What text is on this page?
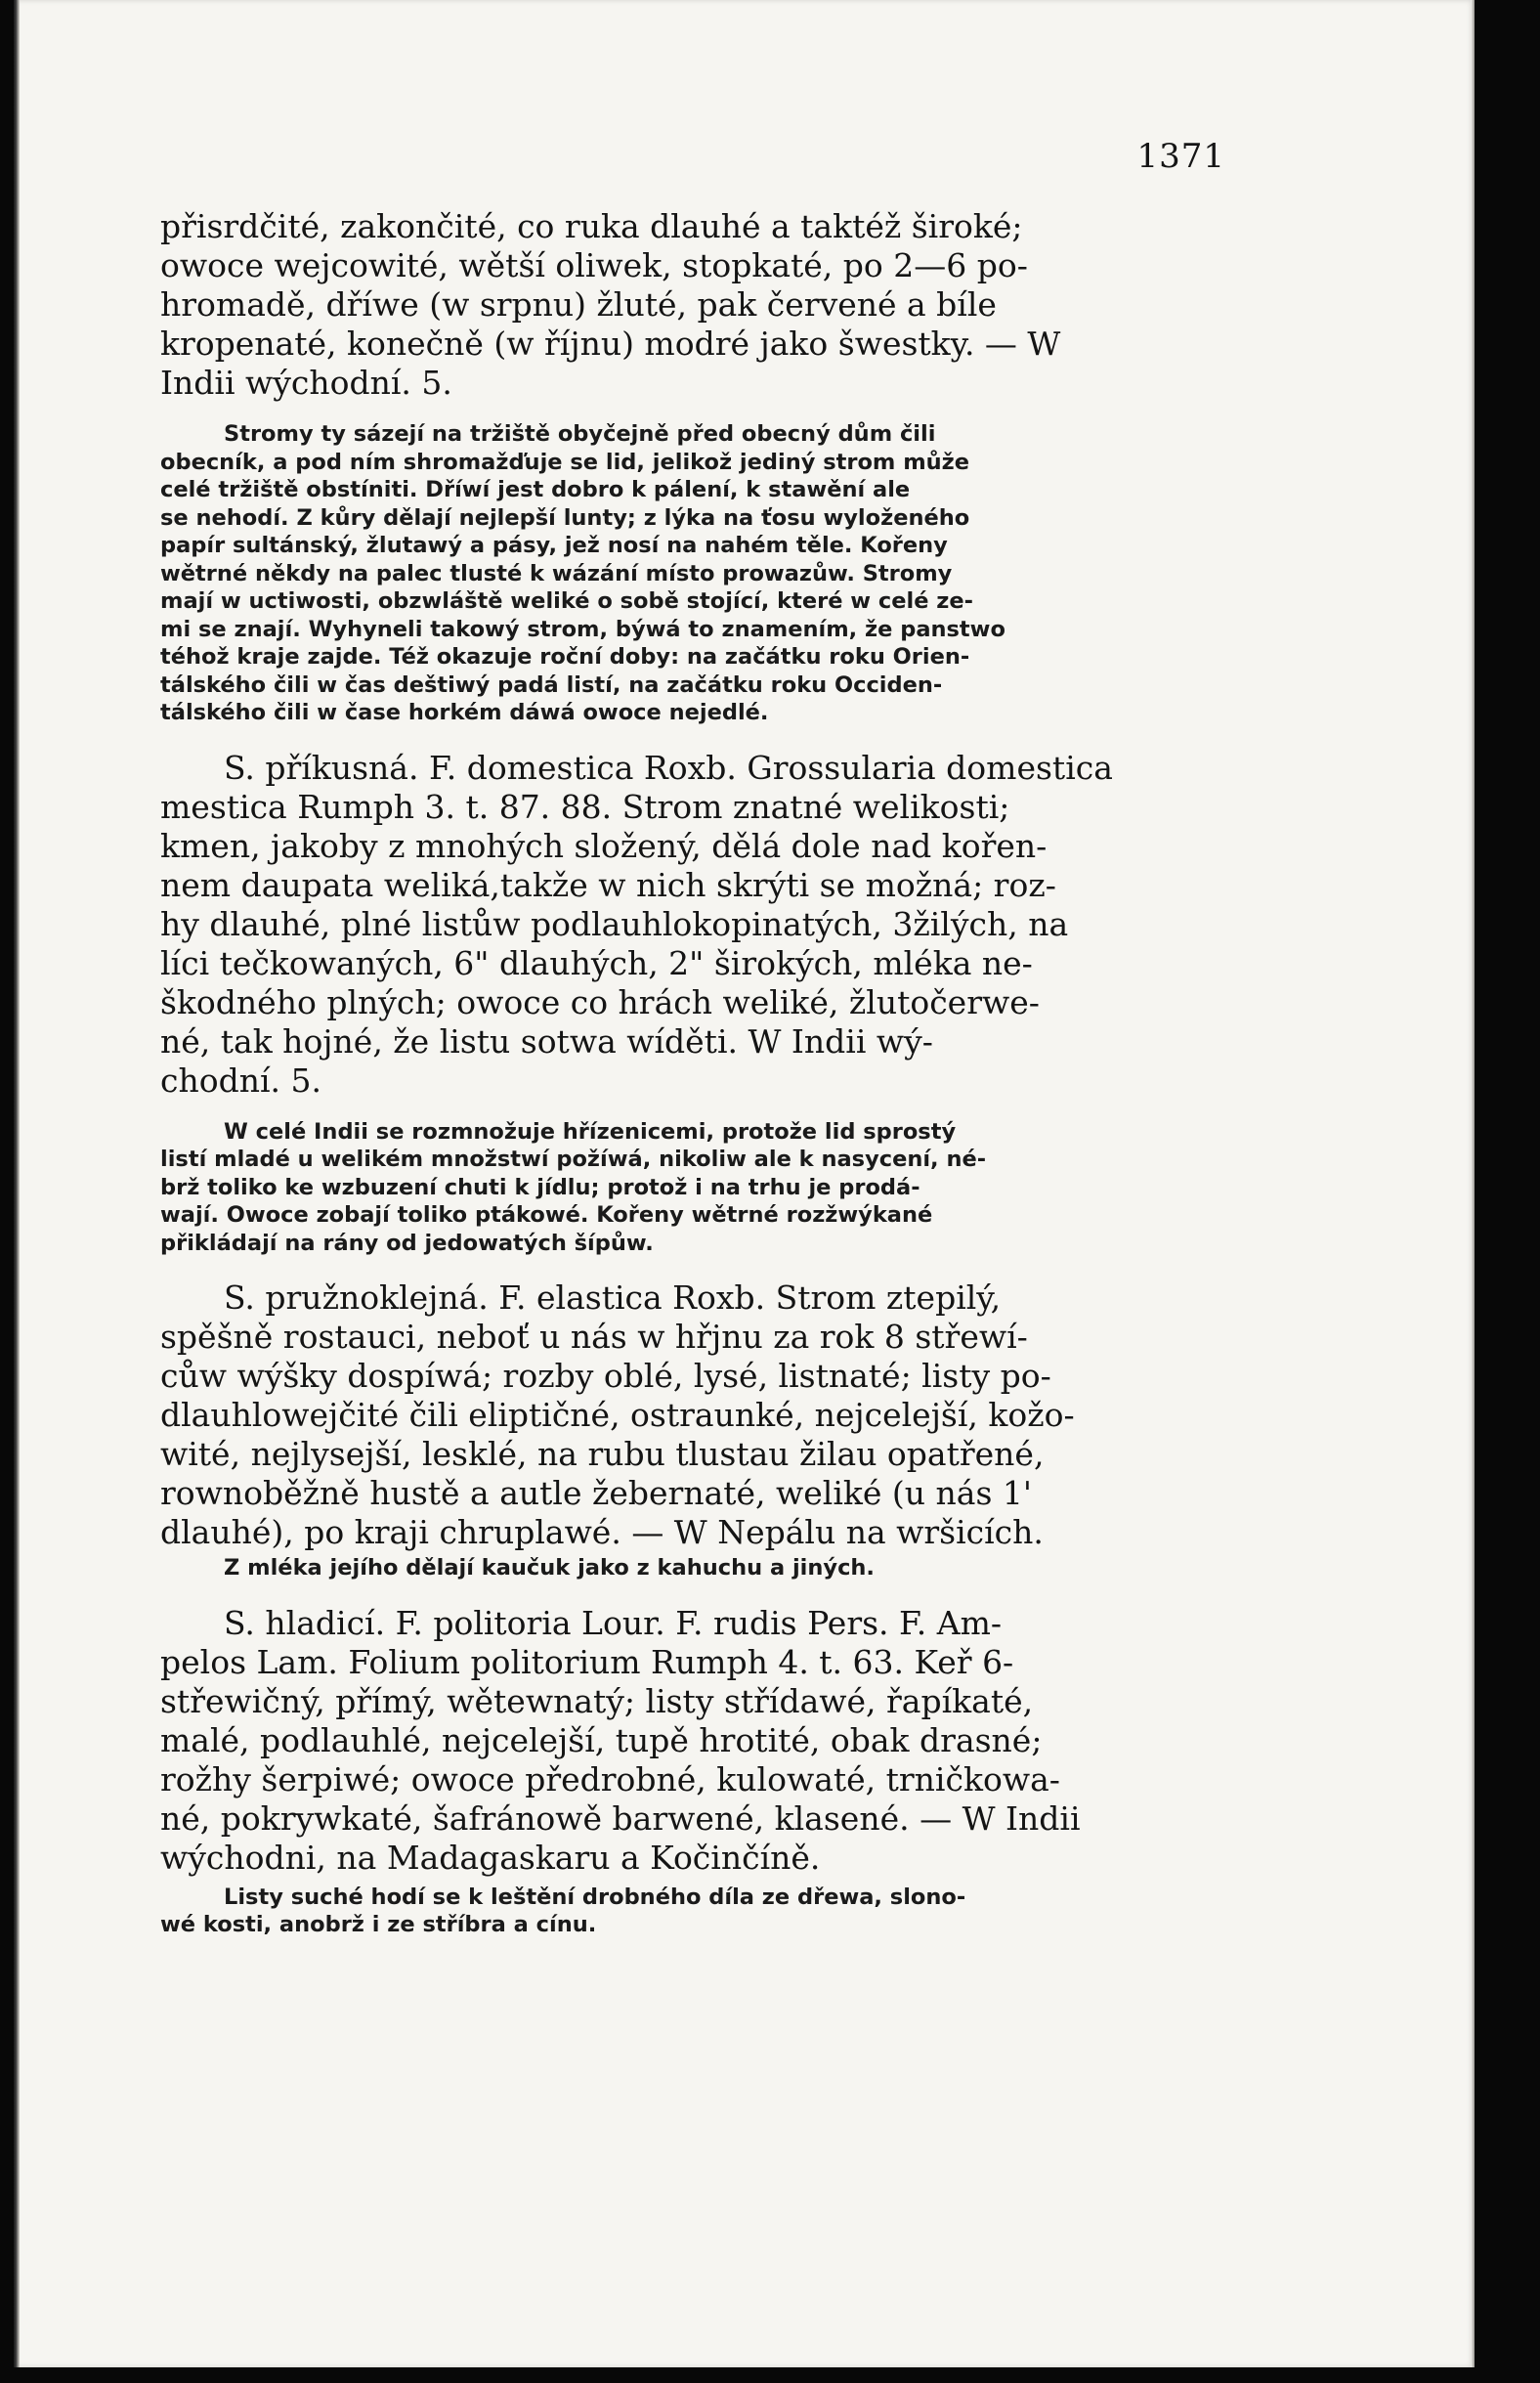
1371

přisrdčité, zakončité, co ruka dlauhé a taktéž široké;
owoce wejcowité, wětší oliwek, stopkaté, po 2—6 po-
hromadě, dříwe (w srpnu) žluté, pak červené a bíle
kropenaté, konečně (w říjnu) modré jako šwestky. — W
Indii wýchodní. 5.

Stromy ty sázejí na tržiště obyčejně před obecný dům čili
obecník, a pod ním shromažďuje se lid, jelikož jediný strom může
celé tržiště obstíniti. Dříwí jest dobro k pálení, k stawění ale
se nehodí. Z kůry dělají nejlepší lunty; z lýka na ťosu wyloženého
papír sultánský, žlutawý a pásy, jež nosí na nahém těle. Kořeny
wětrné někdy na palec tlusté k wázání místo prowazůw. Stromy
mají w uctiwosti, obzwláště weliké o sobě stojící, které w celé ze-
mi se znají. Wyhyneli takowý strom, býwá to znamením, že panstwo
téhož kraje zajde. Též okazuje roční doby: na začátku roku Orien-
tálského čili w čas deštiwý padá listí, na začátku roku Occiden-
tálského čili w čase horkém dáwá owoce nejedlé.

S. příkusná. F. domestica Roxb. Grossularia domestica
mestica Rumph 3. t. 87. 88. Strom znatné welikosti;
kmen, jakoby z mnohých složený, dělá dole nad kořen-
nem daupata weliká,takže w nich skrýti se možná; roz-
hy dlauhé, plné listůw podlauhlokopinatých, 3žilých, na
líci tečkowaných, 6" dlauhých, 2" širokých, mléka ne-
škodného plných; owoce co hrách weliké, žlutočerwe-
né, tak hojné, že listu sotwa wíděti. W Indii wý-
chodní. 5.

W celé Indii se rozmnožuje hřízenicemi, protože lid sprostý
listí mladé u welikém množstwí požíwá, nikoliw ale k nasycení, né-
brž toliko ke wzbuzení chuti k jídlu; protož i na trhu je prodá-
wají. Owoce zobají toliko ptákowé. Kořeny wětrné rozžwýkané
přikládají na rány od jedowatých šípůw.

S. pružnoklejná. F. elastica Roxb. Strom ztepilý,
spěšně rostauci, neboť u nás w hřjnu za rok 8 střewí-
cůw wýšky dospíwá; rozby oblé, lysé, listnaté; listy po-
dlauhlowejčité čili eliptičné, ostraunké, nejcelejší, kožo-
wité, nejlysejší, lesklé, na rubu tlustau žilau opatřené,
rownoběžně hustě a autle žebernaté, weliké (u nás 1'
dlauhé), po kraji chruplawé. — W Nepálu na wršicích.

Z mléka jejího dělají kaučuk jako z kahuchu a jiných.

S. hladicí. F. politoria Lour. F. rudis Pers. F. Am-
pelos Lam. Folium politorium Rumph 4. t. 63. Keř 6-
střewičný, přímý, wětewnatý; listy střídawé, řapíkaté,
malé, podlauhlé, nejcelejší, tupě hrotité, obak drasné;
rožhy šerpiwé; owoce předrobné, kulowaté, trničkowa-
né, pokrywkaté, šafránowě barwené, klasené. — W Indii
wýchodni, na Madagaskaru a Kočinčíně.

Listy suché hodí se k leštění drobného díla ze dřewa, slono-
wé kosti, anobrž i ze stříbra a cínu.
